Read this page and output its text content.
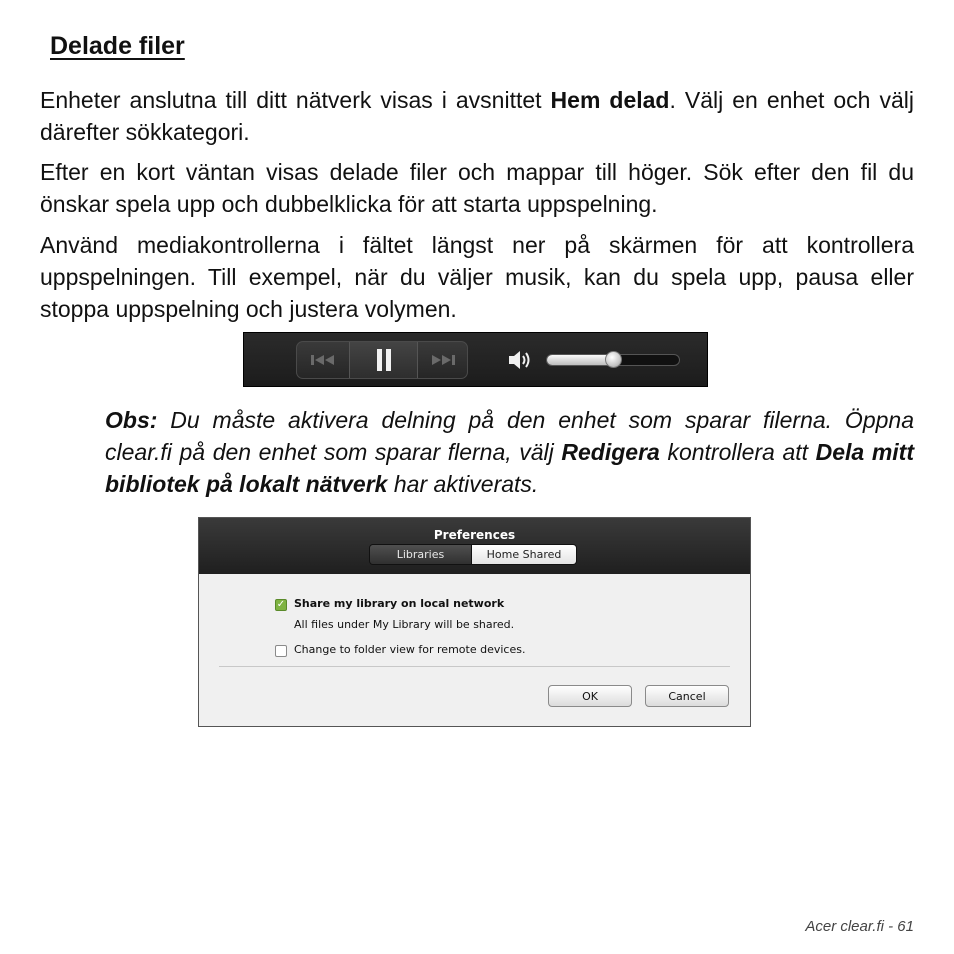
Delade filer

Enheter anslutna till ditt nätverk visas i avsnittet Hem delad. Välj en enhet och välj därefter sökkategori.

Efter en kort väntan visas delade filer och mappar till höger. Sök efter den fil du önskar spela upp och dubbelklicka för att starta uppspelning.

Använd mediakontrollerna i fältet längst ner på skärmen för att kontrollera uppspelningen. Till exempel, när du väljer musik, kan du spela upp, pausa eller stoppa uppspelning och justera volymen.

Obs: Du måste aktivera delning på den enhet som sparar filerna. Öppna clear.fi på den enhet som sparar flerna, välj Redigera kontrollera att Dela mitt bibliotek på lokalt nätverk har aktiverats.

Preferences
Libraries	Home Shared
✓ Share my library on local network
All files under My Library will be shared.
Change to folder view for remote devices.
OK	Cancel
Acer clear.fi - 61
